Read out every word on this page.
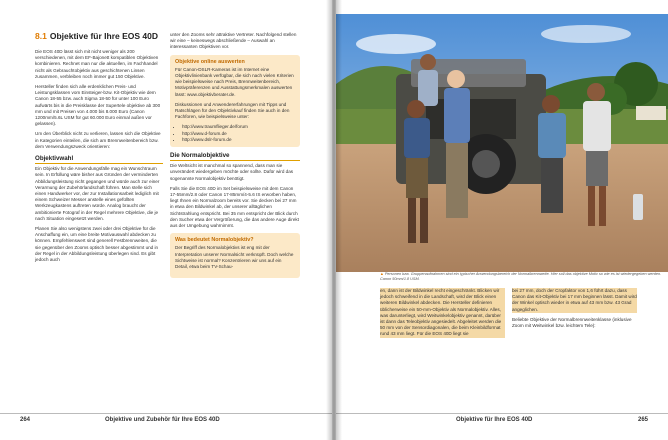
8.1 Objektive für Ihre EOS 40D

Die EOS 40D lässt sich mit nicht weniger als 200 verschiedenen, mit dem EF-Bajonett kompatiblen Objektiven kombinieren. Rechnet man nur die aktuellen, im Fachhandel nicht als Gebrauchtobjektiv aus geschichtenen Linsen zusammen, verbleiben noch immer gut 150 Objektive.

Hersteller finden sich alle erdenklichen Preis- und Leistungsklassen vom Einsteiger-bzw. Kit-Objektiv wie dem Canon 18-55 bzw. auch Sigma 18-50 für unter 100 Euro aufwärts bis in die Preisklasse der Supertele objektive ab 300 mm und mit Preisen von 4.000 bis 8.000 Euro (Canon 1200mm/5.6L USM für gut 60.000 Euro einmal außen vor gelassen).

Um den Überblick nicht zu verlieren, lassen sich die Objektive in Kategorien einteilen, die sich am Brennweitenbereich bzw. dem Verwendungszweck orientieren:

Objektivwahl

Ein Objektiv für die Anwendungsfälle mag ein Wunschtraum sein. In Erfüllung wäre bisher aus Gründen der verminderten Abbildungsleistung nicht gegangen und würde auch zur einer Verarmung der Zubehörlandschaft führen. Man stelle sich einen Handwerker vor, der zur Installationsarbeit lediglich mit einem Schweizer Messer anstelle eines gefüllten Werkzeugkastens auftreten würde. Analog braucht der ambitionierte Fotograf in der Regel mehrere Objektive, die je nach Situation eingesetzt werden.

Planen Sie also wenigstens zwei oder drei Objektive für die Anschaffung ein, um eine breite Motivauswahl abdecken zu können. Empfehlenswert sind generell Festbrennweiten, die sie gegenüber den Zooms optisch besser abgestimmt und in der Regel in der Abbildungsleistung überlegen sind. Es gibt jedoch auch

unter den Zooms sehr attraktive Vertreter. Nachfolgend stellen wir eine – keineswegs abschließende – Auswahl an interessanten Objektiven vor.

Objektive online auswerten

Für Canon-DSLR-Kameras ist im Internet eine Objektivlinienbank verfügbar, die sich nach vielen Kriterien wie beispielsweise nach Preis, Brennweitenbereich, Motivpräferenzen und Ausstattungsmerkmalen auswerten lässt: www.objektivberater.de.

Diskussionen und Anwendererfahrungen mit Tipps und Ratschlägen für den Objektivkauf finden Sie auch in den Fachforen, wie beispielsweise unter:

• http://www.traumflieger.de/forum
• http://www.d-forum.de
• http://www.dslr-forum.de
Die Normalobjektive

Die Weltsicht ist manchmal so spannend, dass man sie unverändert wiedergeben möchte oder sollte. Dafür wird das sogenannte Normalobjektiv benötigt.

Falls Sie die EOS 40D im Set beispielsweise mit dem Canon 17-55mm/2.8 oder Canon 17-85mm/4-5.6 IS erworben haben, liegt Ihnen ein Normalzoom bereits vor. Sie decken bei 27 mm in etwa den Bildwinkel ab, der unserer alltäglichen Sichtstrahlung entspricht. Bei 35 mm entspricht der Blick durch den Sucher etwa der Vergrößerung, die das andere Auge direkt aus der Umgebung wahrnimmt.

Was bedeutet Normalobjektiv?

Der Begriff des Normalobjektivs ist eng mit der Interpretation unserer Normalsicht verknüpft. Doch welche Sichtweise ist normal? Konzentrieren wir uns auf ein Detail, etwa beim TV-Schau-

264	Objektive und Zubehör für Ihre EOS 40D
▲ Personen bzw. Gruppenaufnahmen sind ein typischer Anwendungsbereich der Normalbrennweite. Hier soll das objektive Motiv so wie es ist wiedergegeben werden. Canon 50mm/1.8 USM.

en, dann ist der Bildwinkel recht eingeschränkt. Blicken wir jedoch schweifend in die Landschaft, wird der Blick einen weiteren Bildwinkel abdecken. Die Hersteller definieren üblicherweise ein 50-mm-Objektiv als Normalobjektiv. Alles, was darunterliegt, wird Weitwinkelobjektiv genannt, darüber ist dann das Teleobjektiv angesiedelt. Abgeleitet werden die 50 mm von der Sensordiagonalen, die beim Kleinbildformat rund 43 mm liegt. Für die EOS 40D liegt sie

bei 27 mm, doch der Cropfaktor von 1,6 führt dazu, dass Canon das Kit-Objektiv bei 17 mm beginnen lässt. Damit wird der Winkel optisch wieder in etwa auf 43 mm bzw. 43 Grad angeglichen.

Beliebte Objektive der Normalbrennweitenklasse (inklusive Zoom mit Weitwinkel bzw. leichtem Tele):

Objektive für Ihre EOS 40D	265
